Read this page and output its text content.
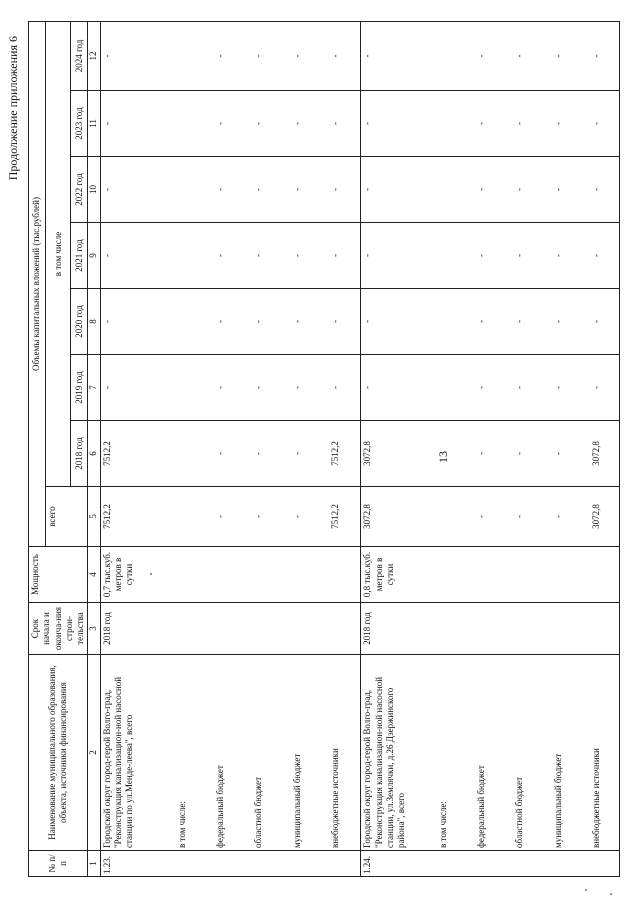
13
Продолжение приложения 6
№ п/п	Наименование муниципального образования, объекта, источники финансирования	Срок начала и оконча-ния строи-тельства	Мощность	Объемы капитальных вложений (тыс.рублей)							
				всего	в том числе						
					2018 год	2019 год	2020 год	2021 год	2022 год	2023 год	2024 год
1	2	3	4	5	6	7	8	9	10	11	12
1.23.	Городской округ город-герой Волго-град, "Реконструкция канализацион-ной насосной станции по ул.Менде-леева", всего	2018 год	0,7 тыс.куб. метров в сутки	7512,2	7512,2	-	-	-	-	-	-
	в том числе:										
	федеральный бюджет			-	-	-	-	-	-	-	-
	областной бюджет			-	-	-	-	-	-	-	-
	муниципальный бюджет			-	-	-	-	-	-	-	-
	внебюджетные источники			7512,2	7512,2	-	-	-	-	-	-
1.24.	Городской округ город-герой Волго-град, "Реконструкция канализацион-ной насосной станции, ул.Землячки, д.26 Дзержинского района", всего	2018 год	0,8 тыс.куб. метров в сутки	3072,8	3072,8	-	-	-	-	-	-
	в том числе:										
	федеральный бюджет			-	-	-	-	-	-	-	-
	областной бюджет			-	-	-	-	-	-	-	-
	муниципальный бюджет			-	-	-	-	-	-	-	-
	внебюджетные источники			3072,8	3072,8	-	-	-	-	-	-
